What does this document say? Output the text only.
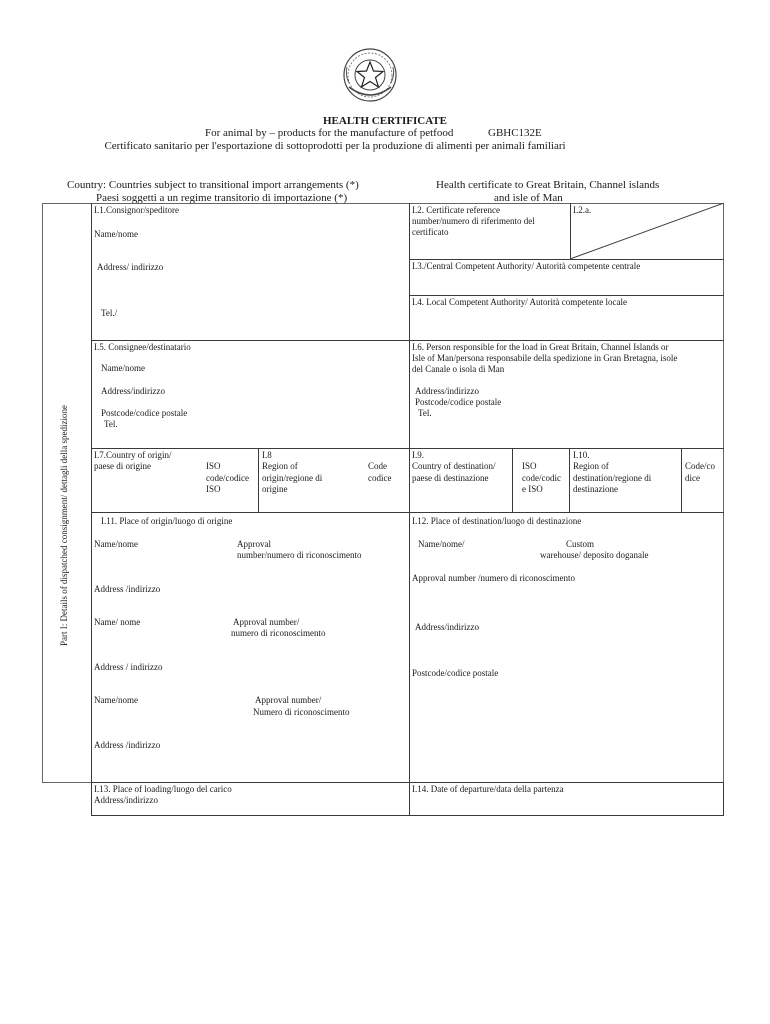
HEALTH CERTIFICATE
For animal by – products for the manufacture of petfood	GBHC132E
Certificato sanitario per l'esportazione di sottoprodotti per la produzione di alimenti per animali familiari
Country: Countries subject to transitional import arrangements (*)
Paesi soggetti a un regime transitorio di importazione (*)
Health certificate to Great Britain, Channel islands
and isle of Man
Part I: Details of dispatched consignment/ dettagli della spedizione
I.1.Consignor/speditore
Name/nome
Address/ indirizzo
Tel./
I.2. Certificate reference
number/numero di riferimento del
certificato
I.2.a.
I.3./Central Competent Authority/ Autorità competente centrale
I.4. Local Competent Authority/ Autorità competente locale
I.5. Consignee/destinatario
Name/nome
Address/indirizzo
Postcode/codice postale
Tel.
I.6. Person responsible for the load in Great Britain, Channel Islands or
Isle of Man/persona responsabile della spedizione in Gran Bretagna, isole
del Canale o isola di Man
Address/indirizzo
Postcode/codice postale
Tel.
I.7.Country of origin/
paese di origine	ISO
code/codice
ISO
I.8
Region of
origin/regione di
origine
Code
codice
I.9.
Country of destination/
paese di destinazione
ISO
code/codic
e ISO
I.10.
Region of
destination/regione di
destinazione
Code/co
dice
I.11. Place of origin/luogo di origine
Name/nome	Approval
number/numero di riconoscimento
Address /indirizzo
Name/ nome	Approval number/
numero di riconoscimento
Address / indirizzo
Name/nome	Approval number/
Numero di riconoscimento
Address /indirizzo
I.12. Place of destination/luogo di destinazione
Name/nome/	Custom
warehouse/ deposito doganale
Approval number /numero di riconoscimento
Address/indirizzo
Postcode/codice postale
I.13. Place of loading/luogo del carico
Address/indirizzo
I.14. Date of departure/data della partenza
